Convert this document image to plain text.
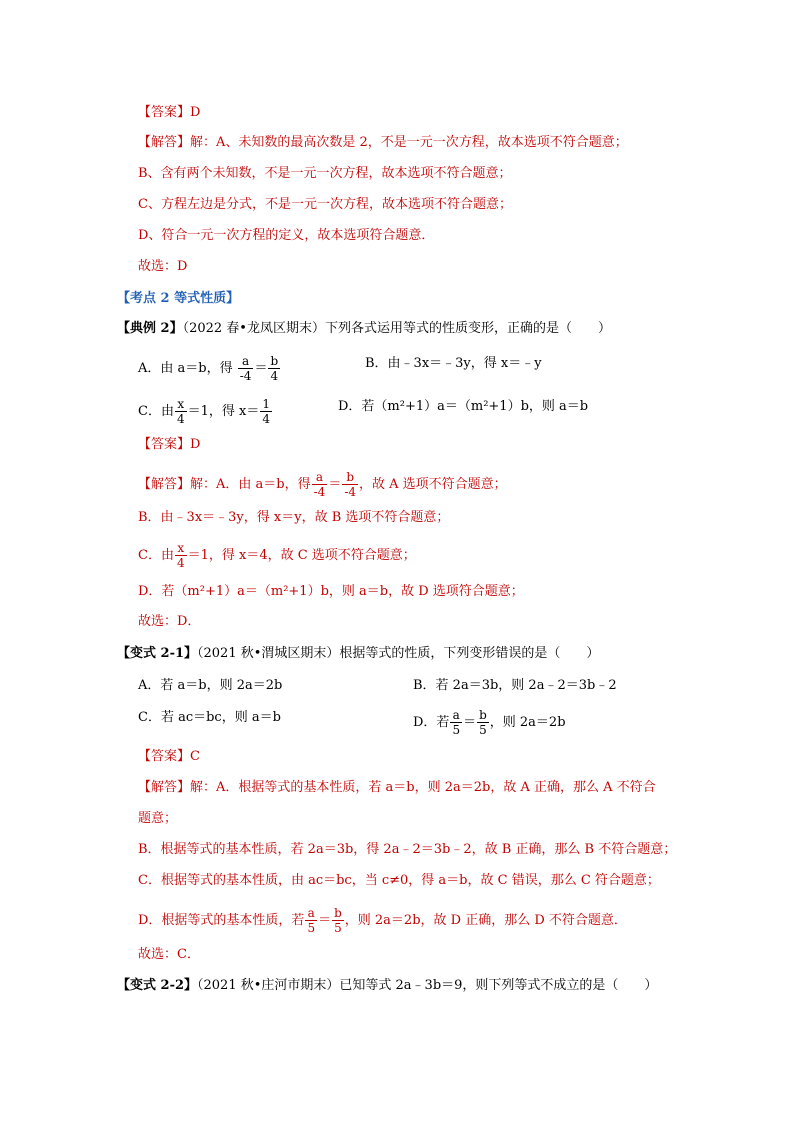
【答案】D
【解答】解：A、未知数的最高次数是 2，不是一元一次方程，故本选项不符合题意；
B、含有两个未知数，不是一元一次方程，故本选项不符合题意；
C、方程左边是分式，不是一元一次方程，故本选项不符合题意；
D、符合一元一次方程的定义，故本选项符合题意．
故选：D
【考点 2 等式性质】
【典例 2】（2022 春•龙凤区期末）下列各式运用等式的性质变形，正确的是（　　）
A．由 a＝b，得 $\frac{a}{-4} = \frac{b}{4}$	B．由﹣3x＝﹣3y，得 x＝﹣y
C．由 $\frac{x}{4} =1$，得 $x= \frac{1}{4}$	D．若（m²+1）a＝（m²+1）b，则 a＝b
【答案】D
【解答】解：A．由 a＝b，得 $\frac{a}{-4} = \frac{b}{-4}$ ，故 A 选项不符合题意；
B．由﹣3x＝﹣3y，得 x＝y，故 B 选项不符合题意；
C．由 $\frac{x}{4} =1$，得 x＝4，故 C 选项不符合题意；
D．若（m²+1）a＝（m²+1）b，则 a＝b，故 D 选项符合题意；
故选：D．
【变式 2-1】（2021 秋•渭城区期末）根据等式的性质，下列变形错误的是（　　）
A．若 a＝b，则 2a＝2b	B．若 2a＝3b，则 2a﹣2＝3b﹣2
C．若 ac＝bc，则 a＝b	D．若 $\frac{a}{5} = \frac{b}{5}$ ，则 2a＝2b
【答案】C
【解答】解：A．根据等式的基本性质，若 a＝b，则 2a＝2b，故 A 正确，那么 A 不符合
题意；
B．根据等式的基本性质，若 2a＝3b，得 2a﹣2＝3b﹣2，故 B 正确，那么 B 不符合题意；
C．根据等式的基本性质，由 ac＝bc，当 c≠0，得 a＝b，故 C 错误，那么 C 符合题意；
D．根据等式的基本性质，若 $\frac{a}{5} = \frac{b}{5}$ ，则 2a＝2b，故 D 正确，那么 D 不符合题意．
故选：C．
【变式 2-2】（2021 秋•庄河市期末）已知等式 2a﹣3b＝9，则下列等式不成立的是（　　）
